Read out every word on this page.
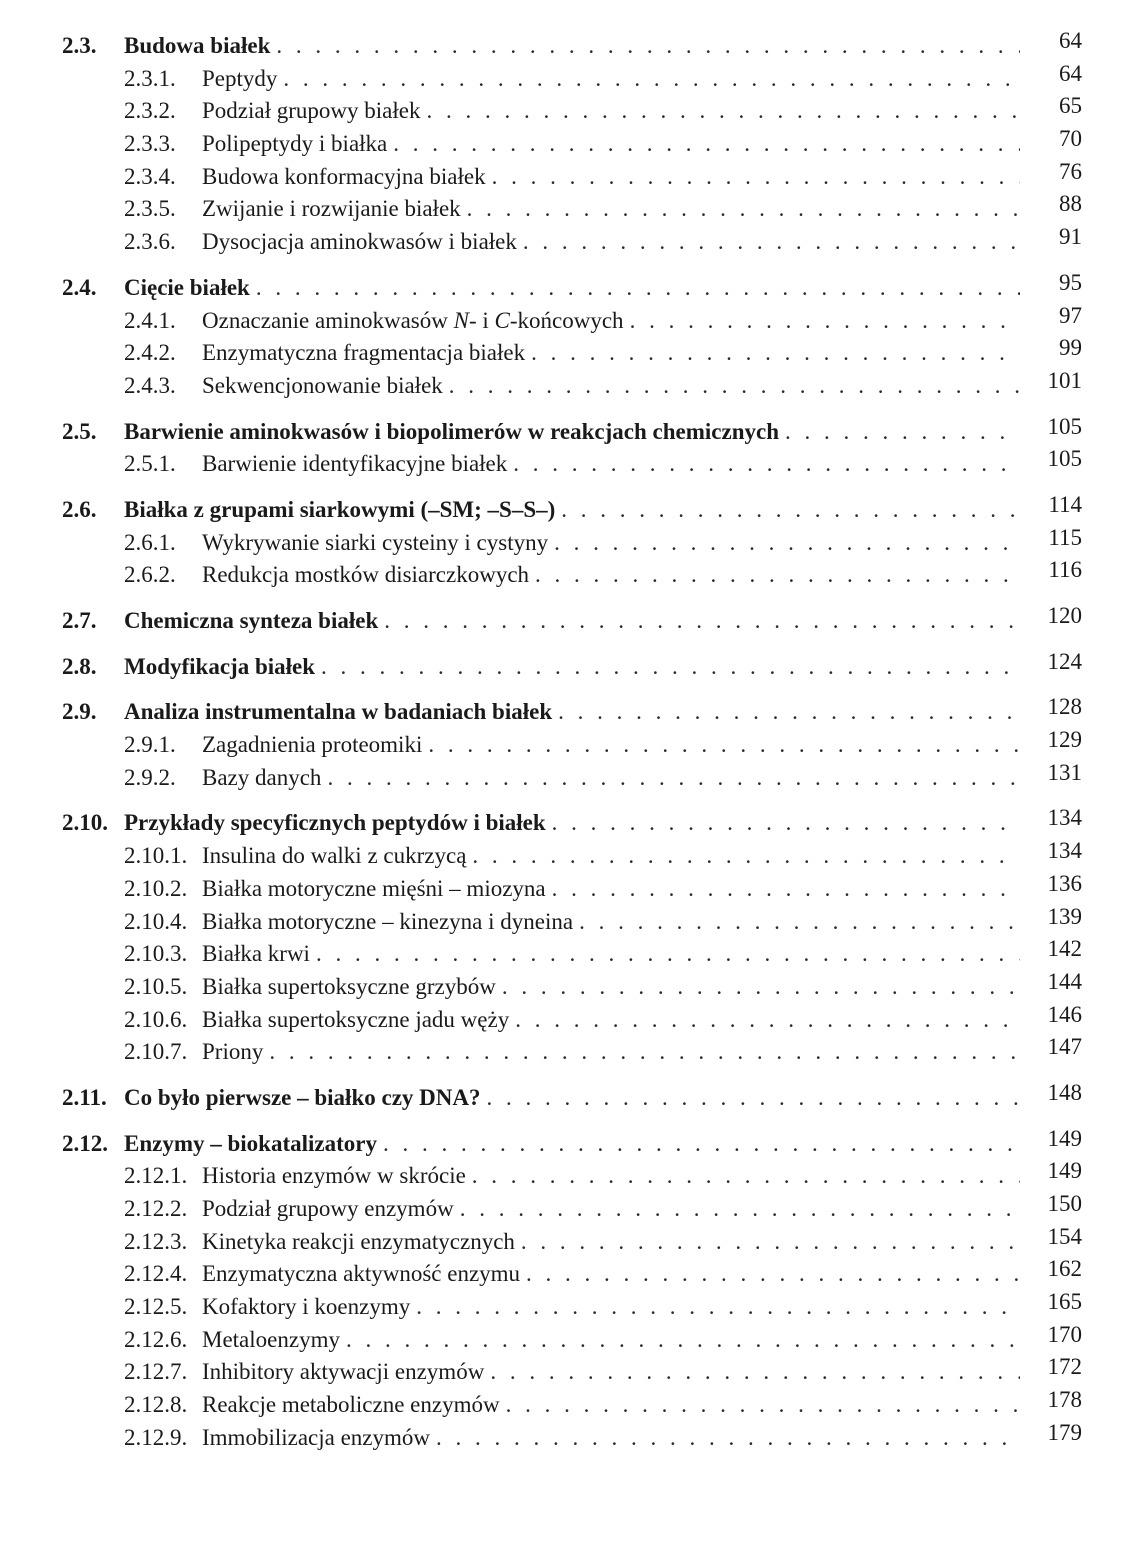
2.3.	Budowa białek . . .	64
2.3.1.	Peptydy . . .	64
2.3.2.	Podział grupowy białek . . .	65
2.3.3.	Polipeptydy i białka . . .	70
2.3.4.	Budowa konformacyjna białek . . .	76
2.3.5.	Zwijanie i rozwijanie białek . . .	88
2.3.6.	Dysocjacja aminokwasów i białek . . .	91
2.4.	Cięcie białek . . .	95
2.4.1.	Oznaczanie aminokwasów N- i C-końcowych . . .	97
2.4.2.	Enzymatyczna fragmentacja białek . . .	99
2.4.3.	Sekwencjonowanie białek . . .	101
2.5.	Barwienie aminokwasów i biopolimerów w reakcjach chemicznych . . .	105
2.5.1.	Barwienie identyfikacyjne białek . . .	105
2.6.	Białka z grupami siarkowymi (–SM; –S–S–) . . .	114
2.6.1.	Wykrywanie siarki cysteiny i cystyny . . .	115
2.6.2.	Redukcja mostków disiarczkowych . . .	116
2.7.	Chemiczna synteza białek . . .	120
2.8.	Modyfikacja białek . . .	124
2.9.	Analiza instrumentalna w badaniach białek . . .	128
2.9.1.	Zagadnienia proteomiki . . .	129
2.9.2.	Bazy danych . . .	131
2.10. Przykłady specyficznych peptydów i białek . . .	134
2.10.1. Insulina do walki z cukrzycą . . .	134
2.10.2. Białka motoryczne mięśni – miozyna . . .	136
2.10.4. Białka motoryczne – kinezyna i dyneina . . .	139
2.10.3. Białka krwi . . .	142
2.10.5. Białka supertoksyczne grzybów . . .	144
2.10.6. Białka supertoksyczne jadu węży . . .	146
2.10.7. Priony . . .	147
2.11. Co było pierwsze – białko czy DNA? . . .	148
2.12. Enzymy – biokatalizatory . . .	149
2.12.1. Historia enzymów w skrócie . . .	149
2.12.2. Podział grupowy enzymów . . .	150
2.12.3. Kinetyka reakcji enzymatycznych . . .	154
2.12.4. Enzymatyczna aktywność enzymu . . .	162
2.12.5. Kofaktory i koenzymy . . .	165
2.12.6. Metaloenzymy . . .	170
2.12.7. Inhibitory aktywacji enzymów . . .	172
2.12.8. Reakcje metaboliczne enzymów . . .	178
2.12.9. Immobilizacja enzymów . . .	179
